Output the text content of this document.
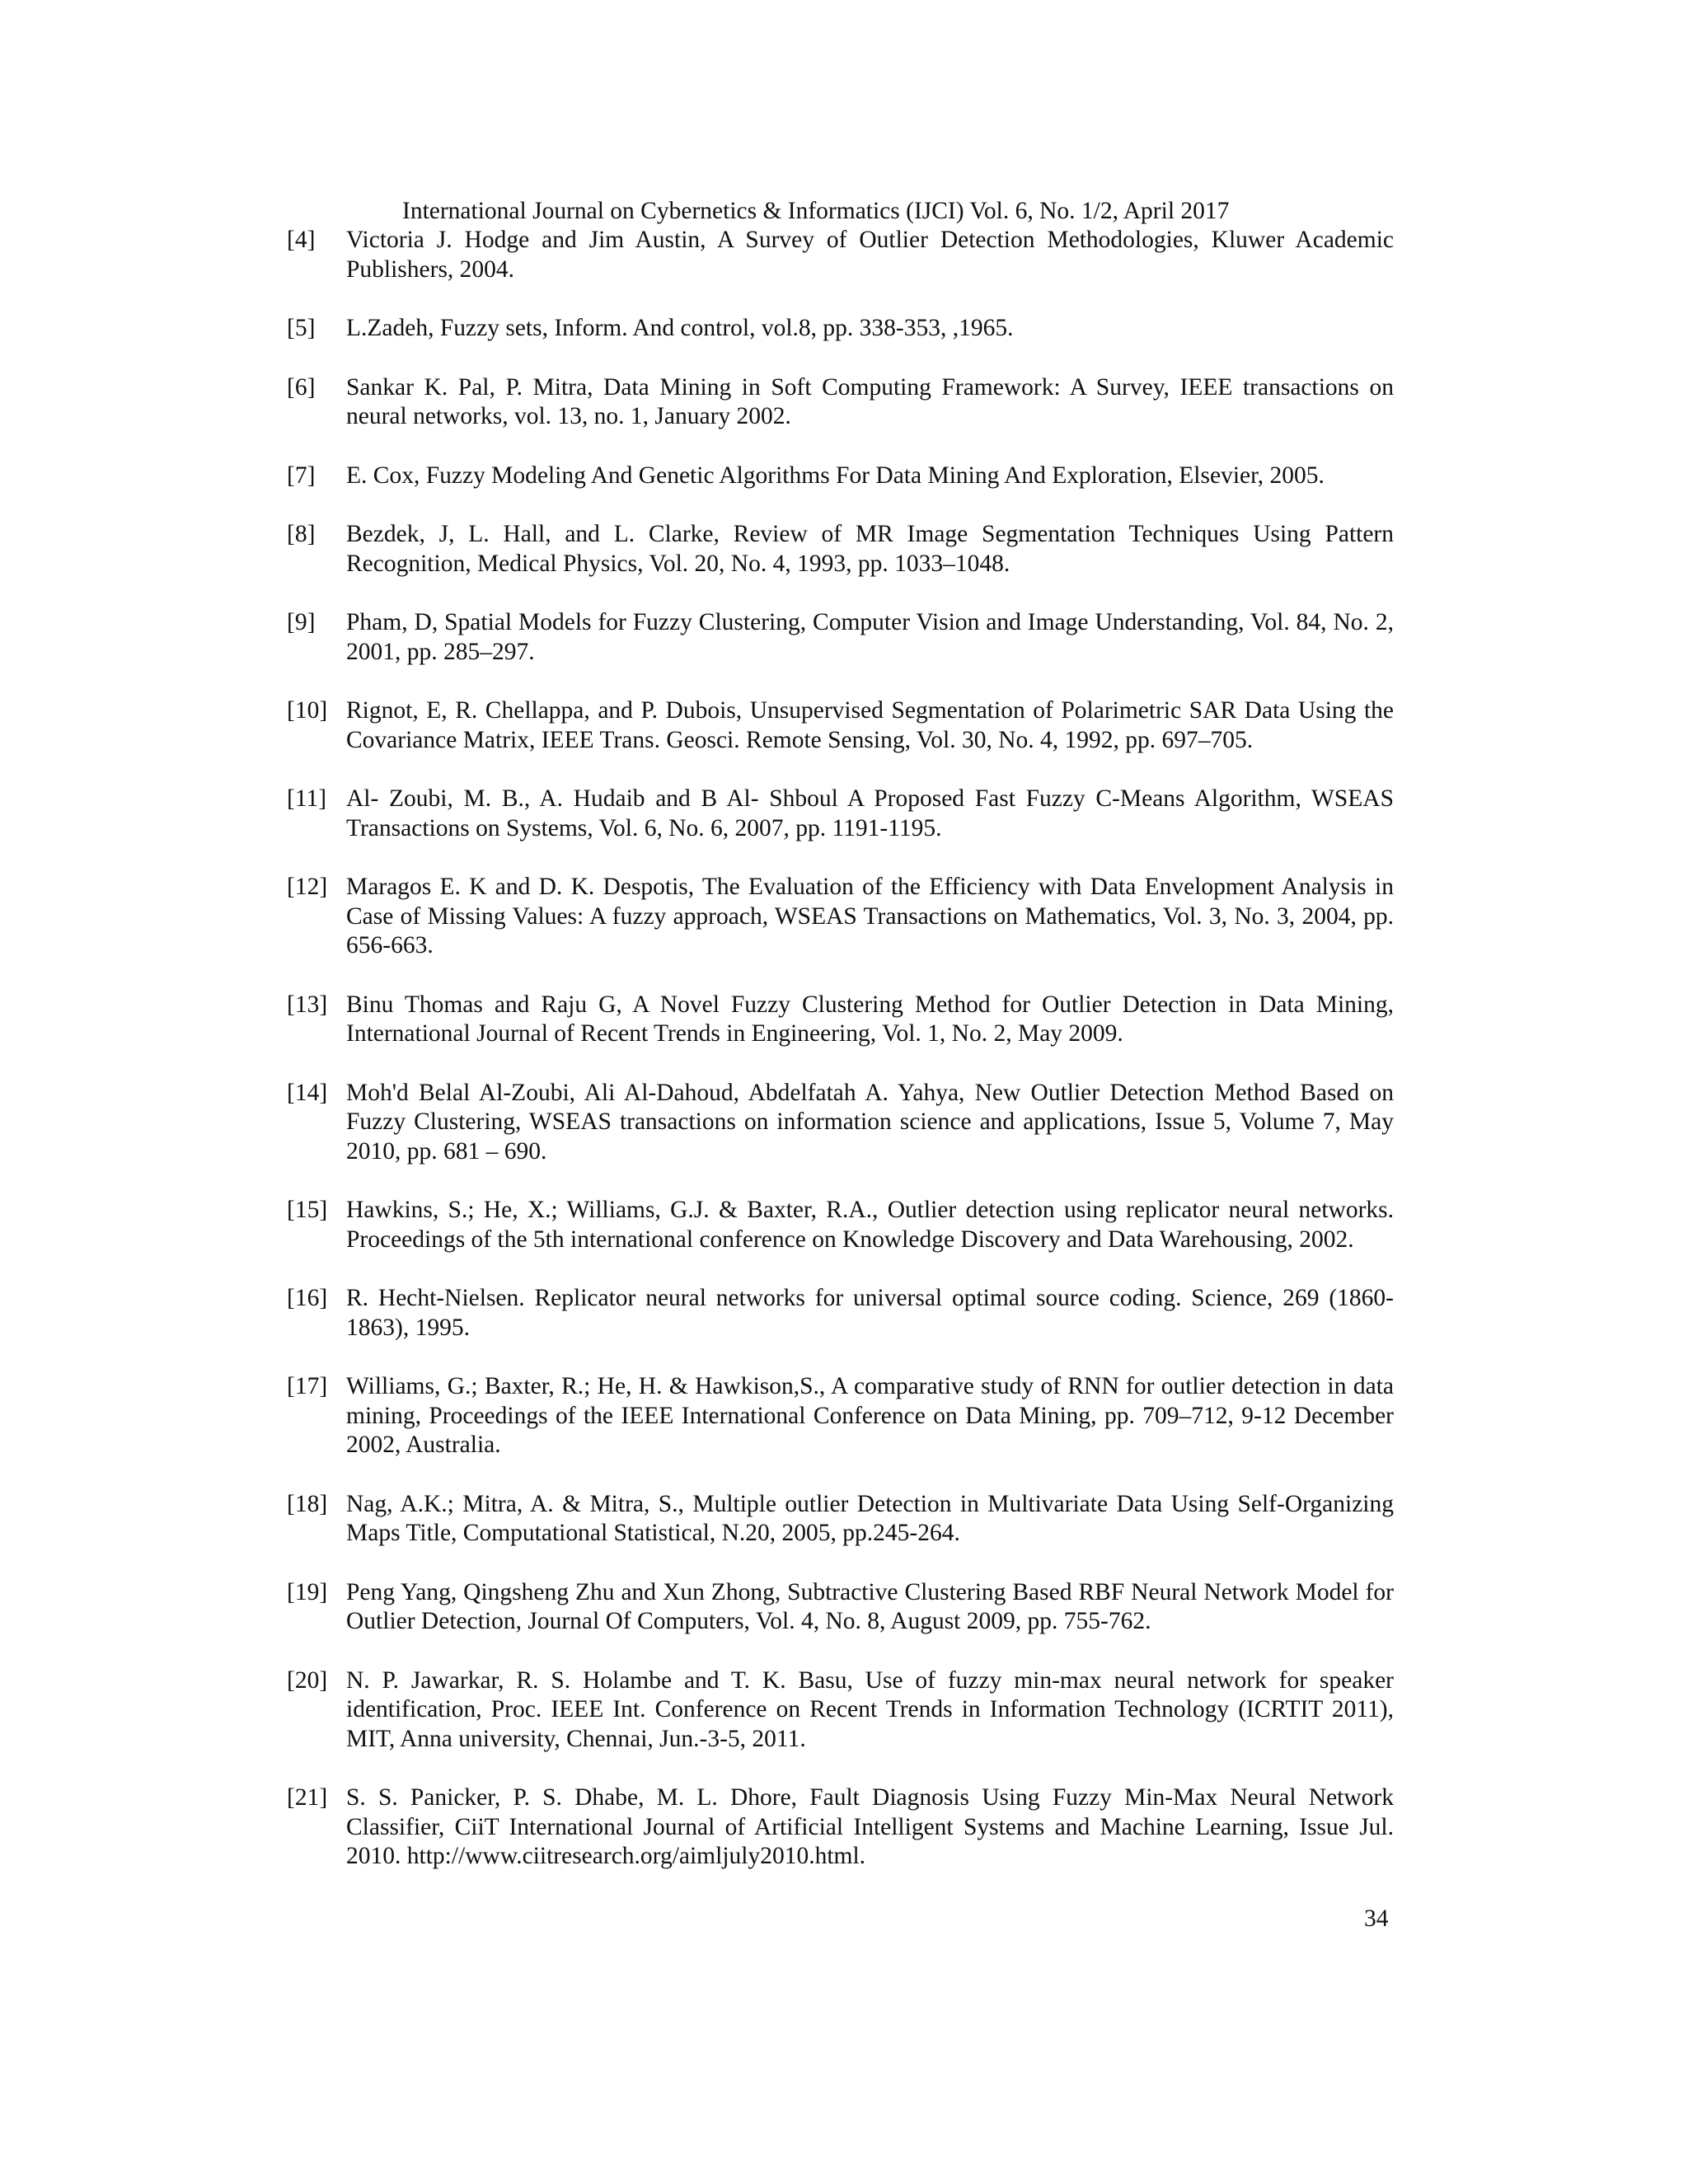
International Journal on Cybernetics & Informatics (IJCI) Vol. 6, No. 1/2, April 2017
[4]	Victoria J. Hodge and Jim Austin, A Survey of Outlier Detection Methodologies, Kluwer Academic Publishers, 2004.
[5]	L.Zadeh, Fuzzy sets, Inform. And control, vol.8, pp. 338-353, ,1965.
[6]	Sankar K. Pal, P. Mitra, Data Mining in Soft Computing Framework: A Survey, IEEE transactions on neural networks, vol. 13, no. 1, January 2002.
[7]	E. Cox, Fuzzy Modeling And Genetic Algorithms For Data Mining And Exploration, Elsevier, 2005.
[8]	Bezdek, J, L. Hall, and L. Clarke, Review of MR Image Segmentation Techniques Using Pattern Recognition, Medical Physics, Vol. 20, No. 4, 1993, pp. 1033–1048.
[9]	Pham, D, Spatial Models for Fuzzy Clustering, Computer Vision and Image Understanding, Vol. 84, No. 2, 2001, pp. 285–297.
[10] Rignot, E, R. Chellappa, and P. Dubois, Unsupervised Segmentation of Polarimetric SAR Data Using the Covariance Matrix, IEEE Trans. Geosci. Remote Sensing, Vol. 30, No. 4, 1992, pp. 697–705.
[11] Al- Zoubi, M. B., A. Hudaib and B Al- Shboul A Proposed Fast Fuzzy C-Means Algorithm, WSEAS Transactions on Systems, Vol. 6, No. 6, 2007, pp. 1191-1195.
[12] Maragos E. K and D. K. Despotis, The Evaluation of the Efficiency with Data Envelopment Analysis in Case of Missing Values: A fuzzy approach, WSEAS Transactions on Mathematics, Vol. 3, No. 3, 2004, pp. 656-663.
[13] Binu Thomas and Raju G, A Novel Fuzzy Clustering Method for Outlier Detection in Data Mining, International Journal of Recent Trends in Engineering, Vol. 1, No. 2, May 2009.
[14] Moh'd Belal Al-Zoubi, Ali Al-Dahoud, Abdelfatah A. Yahya, New Outlier Detection Method Based on Fuzzy Clustering, WSEAS transactions on information science and applications, Issue 5, Volume 7, May 2010, pp. 681 – 690.
[15] Hawkins, S.; He, X.; Williams, G.J. & Baxter, R.A., Outlier detection using replicator neural networks. Proceedings of the 5th international conference on Knowledge Discovery and Data Warehousing, 2002.
[16] R. Hecht-Nielsen. Replicator neural networks for universal optimal source coding. Science, 269 (1860-1863), 1995.
[17] Williams, G.; Baxter, R.; He, H. & Hawkison,S., A comparative study of RNN for outlier detection in data mining, Proceedings of the IEEE International Conference on Data Mining, pp. 709–712, 9-12 December 2002, Australia.
[18] Nag, A.K.; Mitra, A. & Mitra, S., Multiple outlier Detection in Multivariate Data Using Self-Organizing Maps Title, Computational Statistical, N.20, 2005, pp.245-264.
[19] Peng Yang, Qingsheng Zhu and Xun Zhong, Subtractive Clustering Based RBF Neural Network Model for Outlier Detection, Journal Of Computers, Vol. 4, No. 8, August 2009, pp. 755-762.
[20] N. P. Jawarkar, R. S. Holambe and T. K. Basu, Use of fuzzy min-max neural network for speaker identification, Proc. IEEE Int. Conference on Recent Trends in Information Technology (ICRTIT 2011), MIT, Anna university, Chennai, Jun.-3-5, 2011.
[21] S. S. Panicker, P. S. Dhabe, M. L. Dhore, Fault Diagnosis Using Fuzzy Min-Max Neural Network Classifier, CiiT International Journal of Artificial Intelligent Systems and Machine Learning, Issue Jul. 2010. http://www.ciitresearch.org/aimljuly2010.html.
34
